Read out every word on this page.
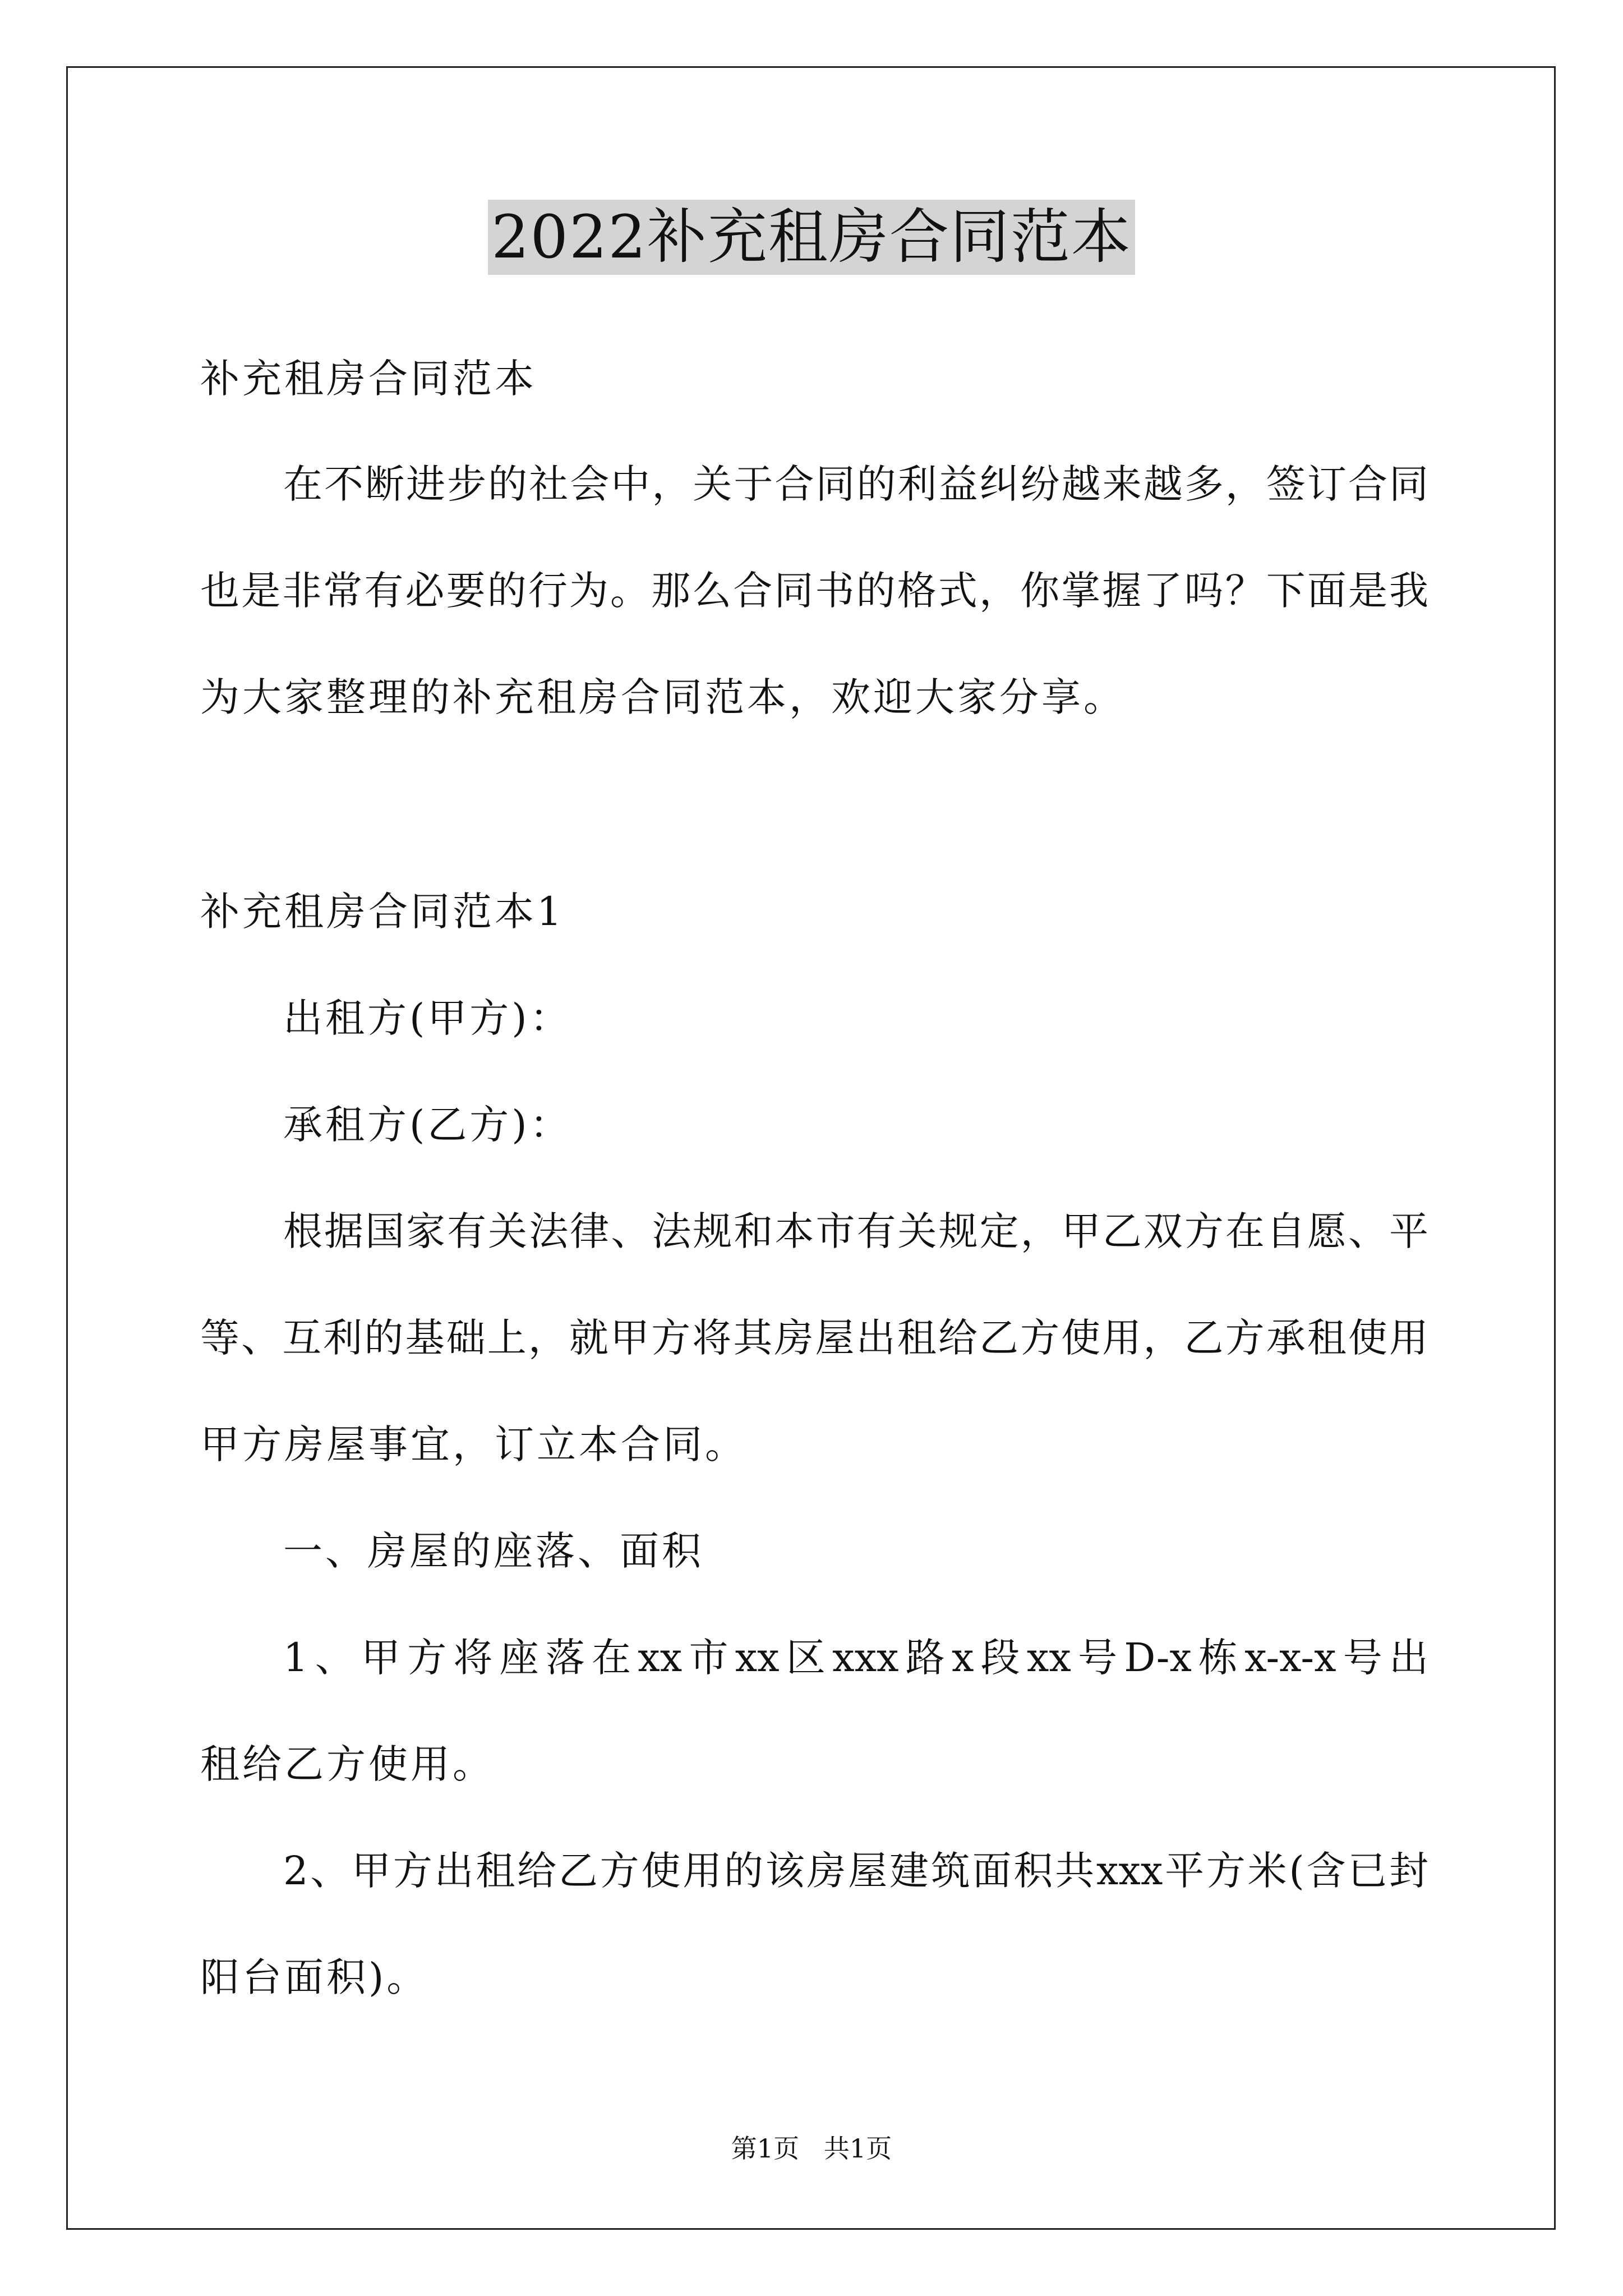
2022补充租房合同范本
补充租房合同范本
在不断进步的社会中，关于合同的利益纠纷越来越多，签订合同
也是非常有必要的行为。那么合同书的格式，你掌握了吗？下面是我
为大家整理的补充租房合同范本，欢迎大家分享。
补充租房合同范本1
出租方(甲方)：
承租方(乙方)：
根据国家有关法律、法规和本市有关规定，甲乙双方在自愿、平
等、互利的基础上，就甲方将其房屋出租给乙方使用，乙方承租使用
甲方房屋事宜，订立本合同。
一、房屋的座落、面积
1、甲方将座落在xx市xx区xxx路x段xx号D-x栋x-x-x号出
租给乙方使用。
2、甲方出租给乙方使用的该房屋建筑面积共xxx平方米(含已封
阳台面积)。
第1页   共1页
